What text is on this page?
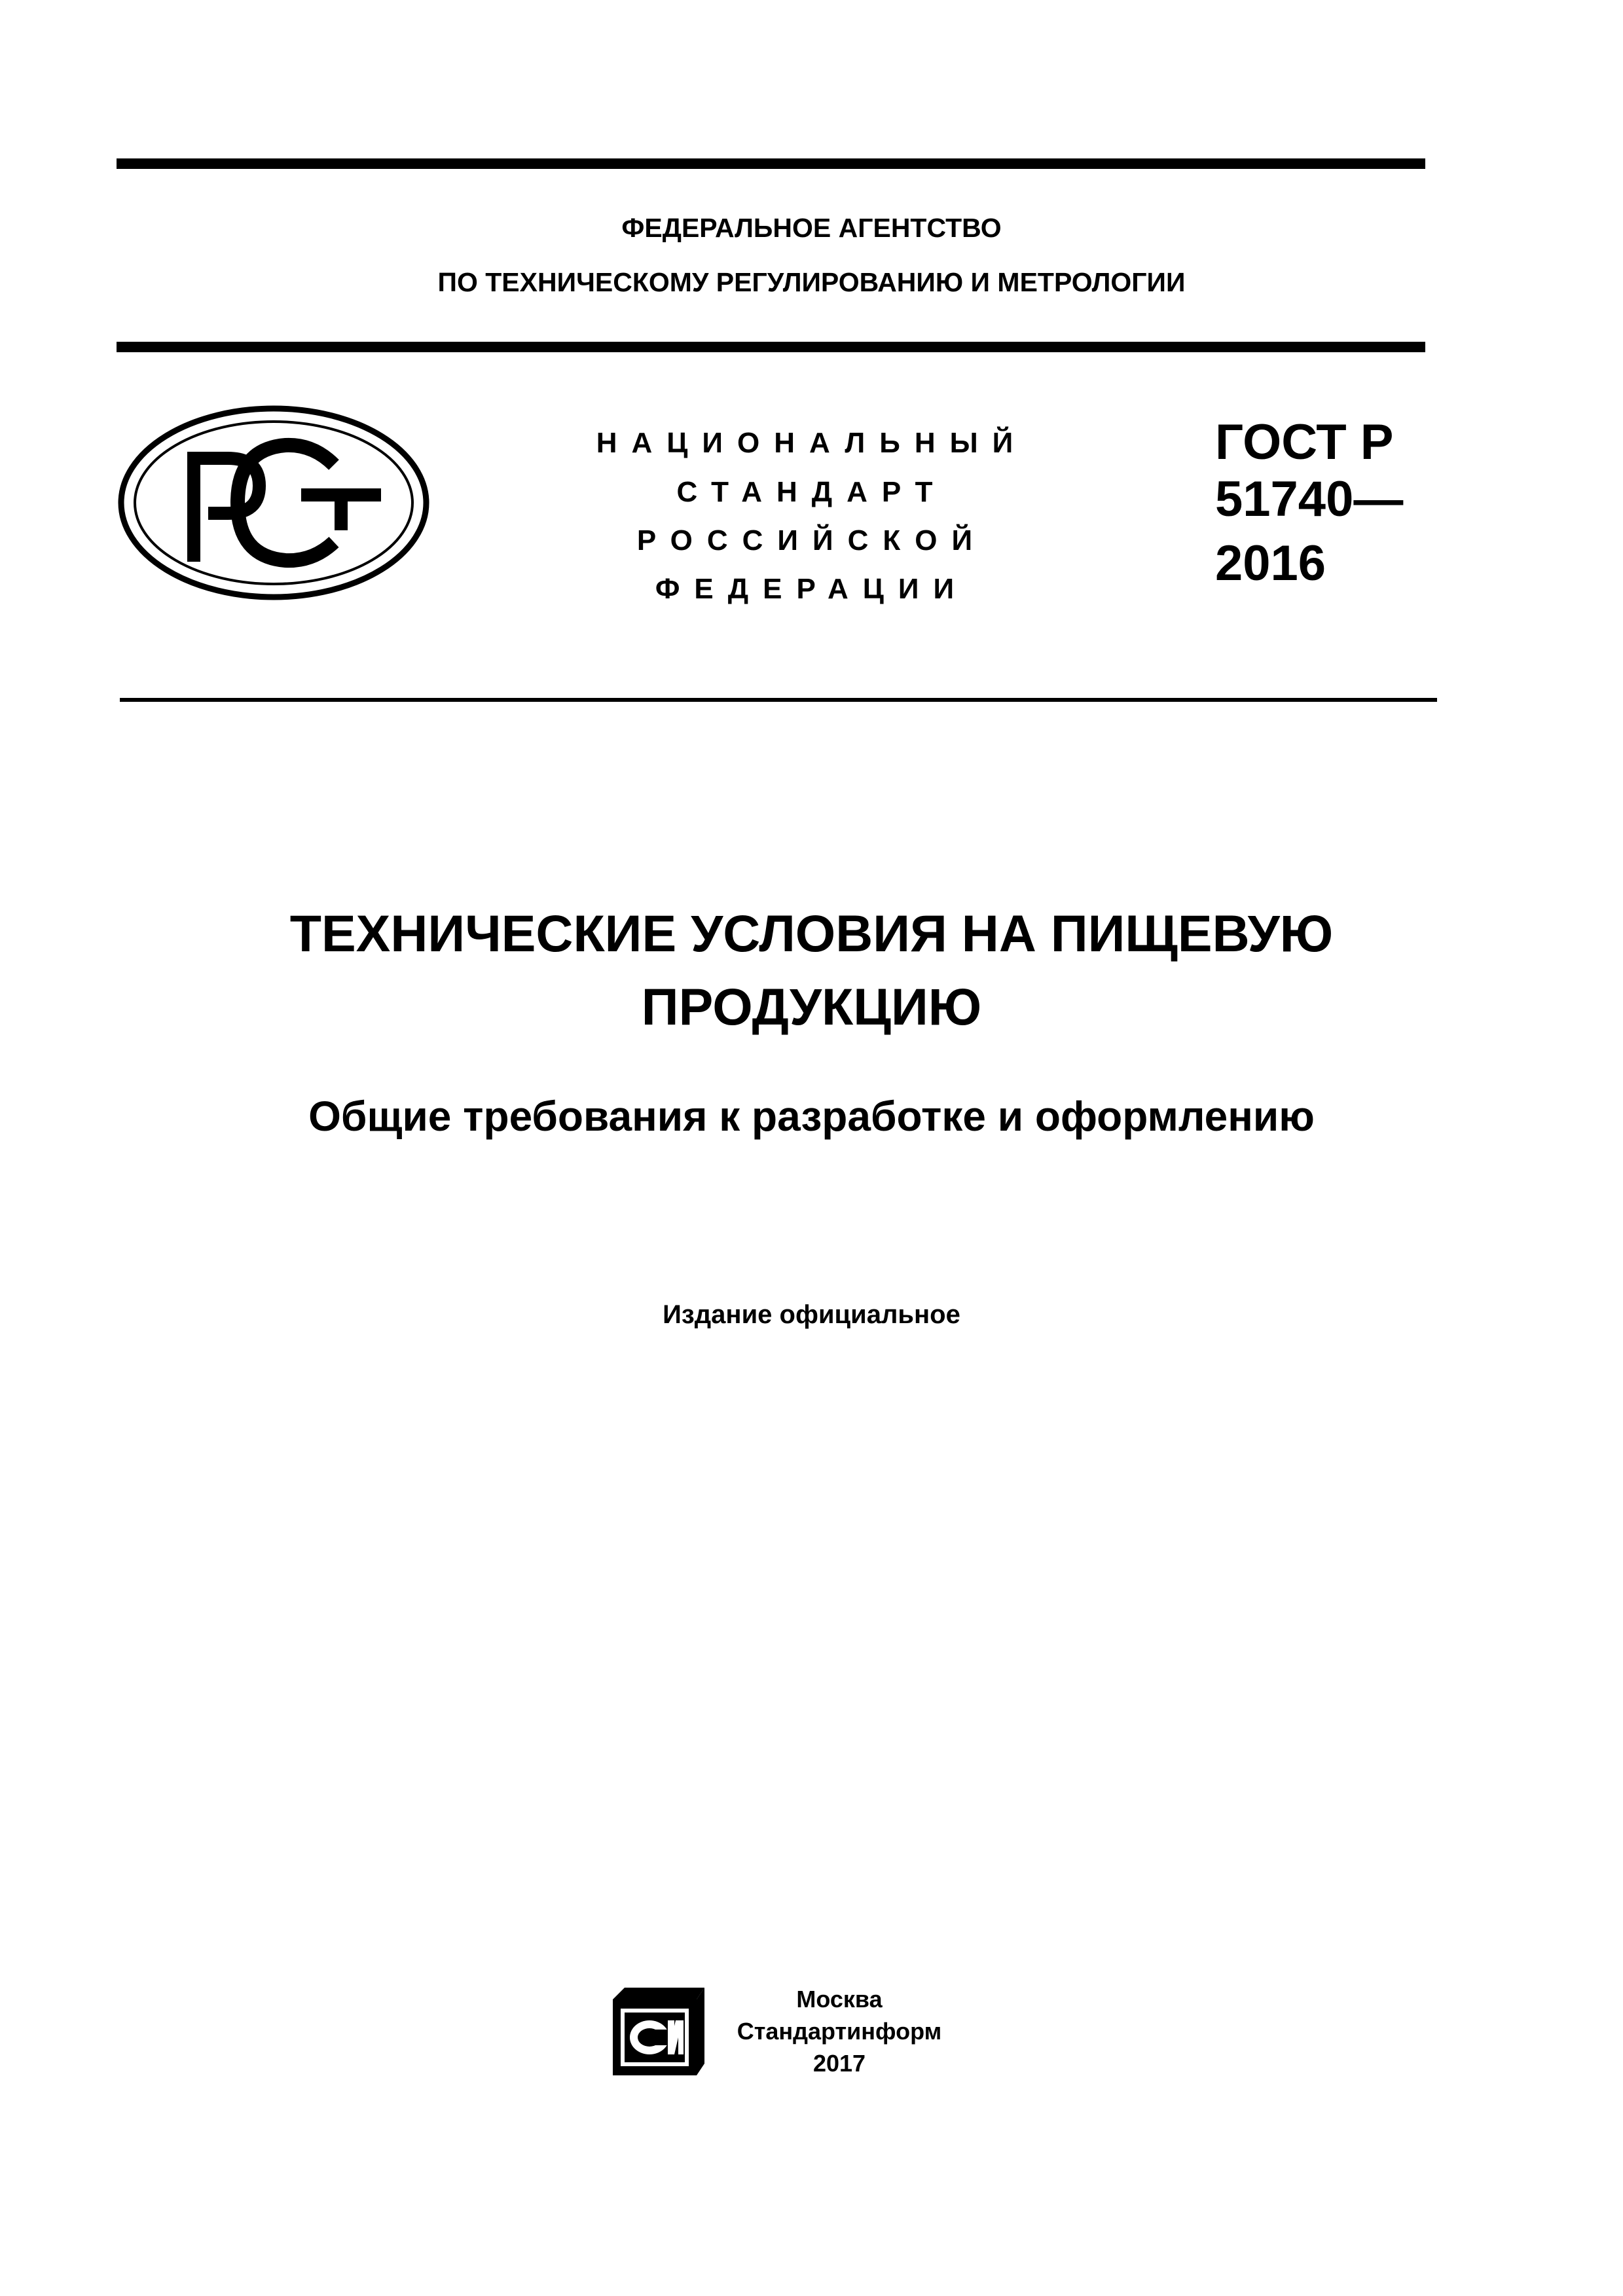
ФЕДЕРАЛЬНОЕ АГЕНТСТВО
ПО ТЕХНИЧЕСКОМУ РЕГУЛИРОВАНИЮ И МЕТРОЛОГИИ
НАЦИОНАЛЬНЫЙ
СТАНДАРТ
РОССИЙСКОЙ
ФЕДЕРАЦИИ
ГОСТ Р
51740—
2016
ТЕХНИЧЕСКИЕ УСЛОВИЯ НА ПИЩЕВУЮ
ПРОДУКЦИЮ
Общие требования к разработке и оформлению
Издание официальное
Москва
Стандартинформ
2017
